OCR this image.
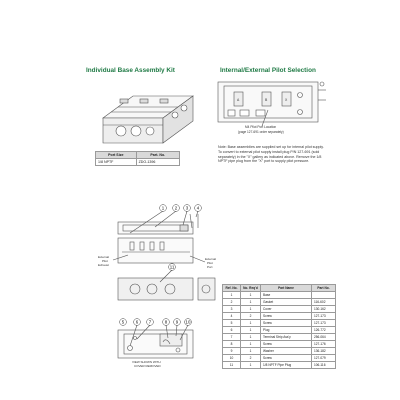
Individual Base Assembly Kit	Internal/External Pilot Selection
Port Size	Part. No.
1/8 NPTF	ZDO-1396
A	B	X
M4 Pilot Port Location
(page 127-691 order separately)
Note: Base assemblies are supplied set up for internal pilot supply. To convert to external pilot supply install plug P/N 127-691 (sold separately) in the "X" gallery as indicated above. Remove the 1/8 NPTF pipe plug from the "X" port to supply pilot pressure.
1 2 3 4
11
5	6 7	8 9 10
External
Pilot
Exhaust
External
Pilot
Port
VIEW SHOWN WITH
COVER REMOVED
Ref. No.	No. Req'd	Part Name	Part No.
1	1	Base	
2	1	Gasket	116-602
3	1	Cover	130-162
4	2	Screw	127-173
5	1	Screw	127-173
6	1	Plug	126-772
7	1	Terminal Strip Ass'y	256-064
8	1	Screw	127-176
9	1	Washer	136-182
10	2	Screw	127-079
11	1	1/8 NPTF Pipe Plug	106-116
